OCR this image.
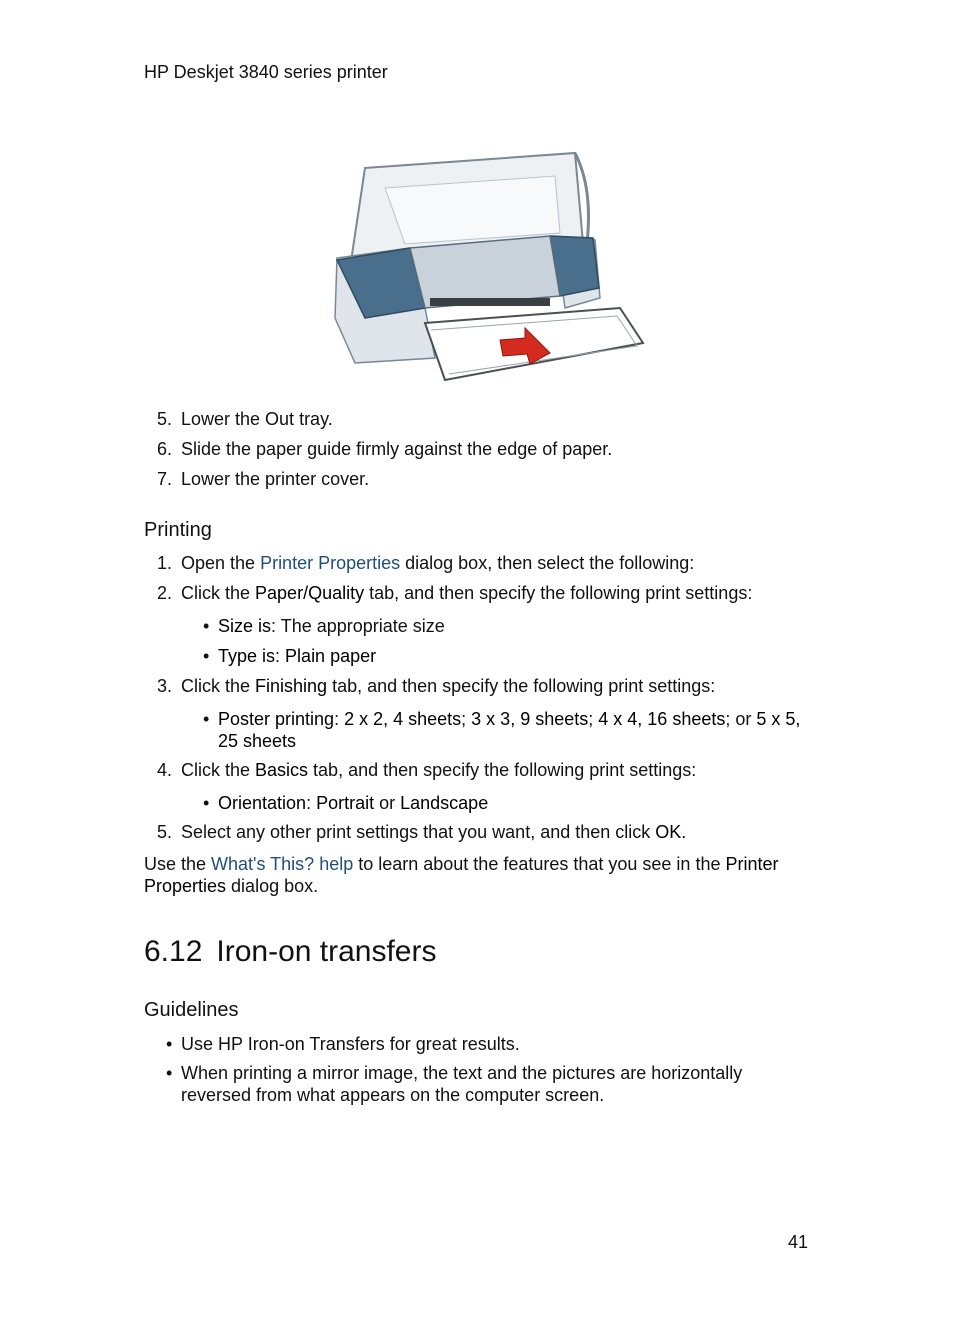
HP Deskjet 3840 series printer
5. Lower the Out tray.
6. Slide the paper guide firmly against the edge of paper.
7. Lower the printer cover.
Printing
1. Open the Printer Properties dialog box, then select the following:
2. Click the Paper/Quality tab, and then specify the following print settings:
• Size is: The appropriate size
• Type is: Plain paper
3. Click the Finishing tab, and then specify the following print settings:
• Poster printing: 2 x 2, 4 sheets; 3 x 3, 9 sheets; 4 x 4, 16 sheets; or 5 x 5, 25 sheets
4. Click the Basics tab, and then specify the following print settings:
• Orientation: Portrait or Landscape
5. Select any other print settings that you want, and then click OK.

Use the What's This? help to learn about the features that you see in the Printer Properties dialog box.

6.12 Iron-on transfers
Guidelines
• Use HP Iron-on Transfers for great results.
• When printing a mirror image, the text and the pictures are horizontally reversed from what appears on the computer screen.
41
